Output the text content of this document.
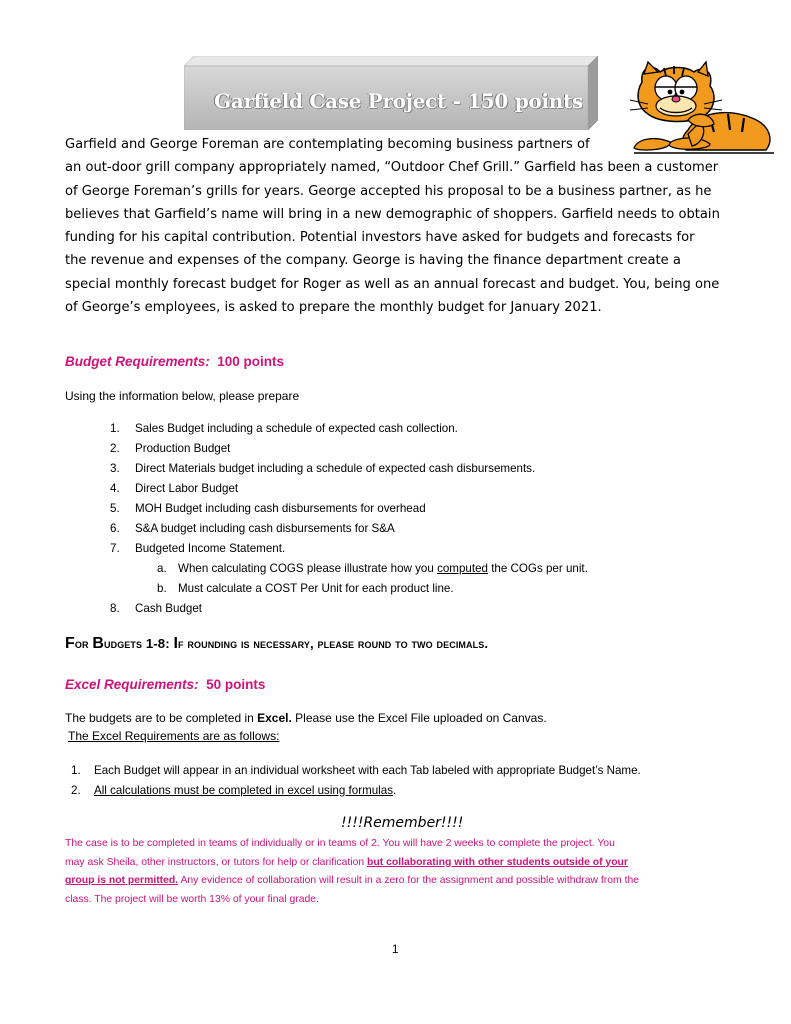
Garfield Case Project - 150 points
Garfield and George Foreman are contemplating becoming business partners of
an out-door grill company appropriately named, “Outdoor Chef Grill.” Garfield has been a customer
of George Foreman’s grills for years. George accepted his proposal to be a business partner, as he
believes that Garfield’s name will bring in a new demographic of shoppers. Garfield needs to obtain
funding for his capital contribution. Potential investors have asked for budgets and forecasts for
the revenue and expenses of the company. George is having the finance department create a
special monthly forecast budget for Roger as well as an annual forecast and budget. You, being one
of George’s employees, is asked to prepare the monthly budget for January 2021.
Budget Requirements: 100 points
Using the information below, please prepare
1. Sales Budget including a schedule of expected cash collection.
2. Production Budget
3. Direct Materials budget including a schedule of expected cash disbursements.
4. Direct Labor Budget
5. MOH Budget including cash disbursements for overhead
6. S&A budget including cash disbursements for S&A
7. Budgeted Income Statement.
a. When calculating COGS please illustrate how you computed the COGs per unit.
b. Must calculate a COST Per Unit for each product line.
8. Cash Budget
For Budgets 1-8: If rounding is necessary, please round to two decimals.
Excel Requirements: 50 points
The budgets are to be completed in Excel. Please use the Excel File uploaded on Canvas.
The Excel Requirements are as follows:
1. Each Budget will appear in an individual worksheet with each Tab labeled with appropriate Budget’s Name.
2. All calculations must be completed in excel using formulas.
!!!!Remember!!!!
The case is to be completed in teams of individually or in teams of 2. You will have 2 weeks to complete the project. You
may ask Sheila, other instructors, or tutors for help or clarification but collaborating with other students outside of your
group is not permitted. Any evidence of collaboration will result in a zero for the assignment and possible withdraw from the
class. The project will be worth 13% of your final grade.
1
